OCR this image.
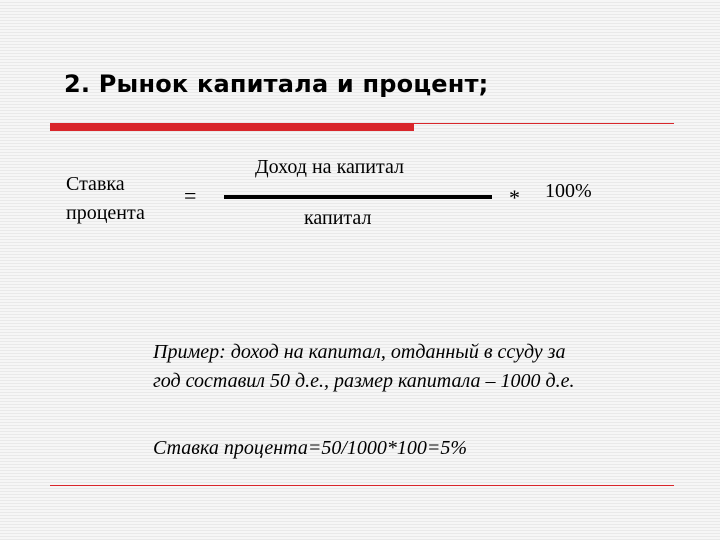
2. Рынок капитала и процент;
Ставка
процента
=
Доход на капитал
капитал
* 100%

Пример: доход на капитал, отданный в ссуду за год составил 50 д.е., размер капитала – 1000 д.е.

Ставка процента=50/1000*100=5%
